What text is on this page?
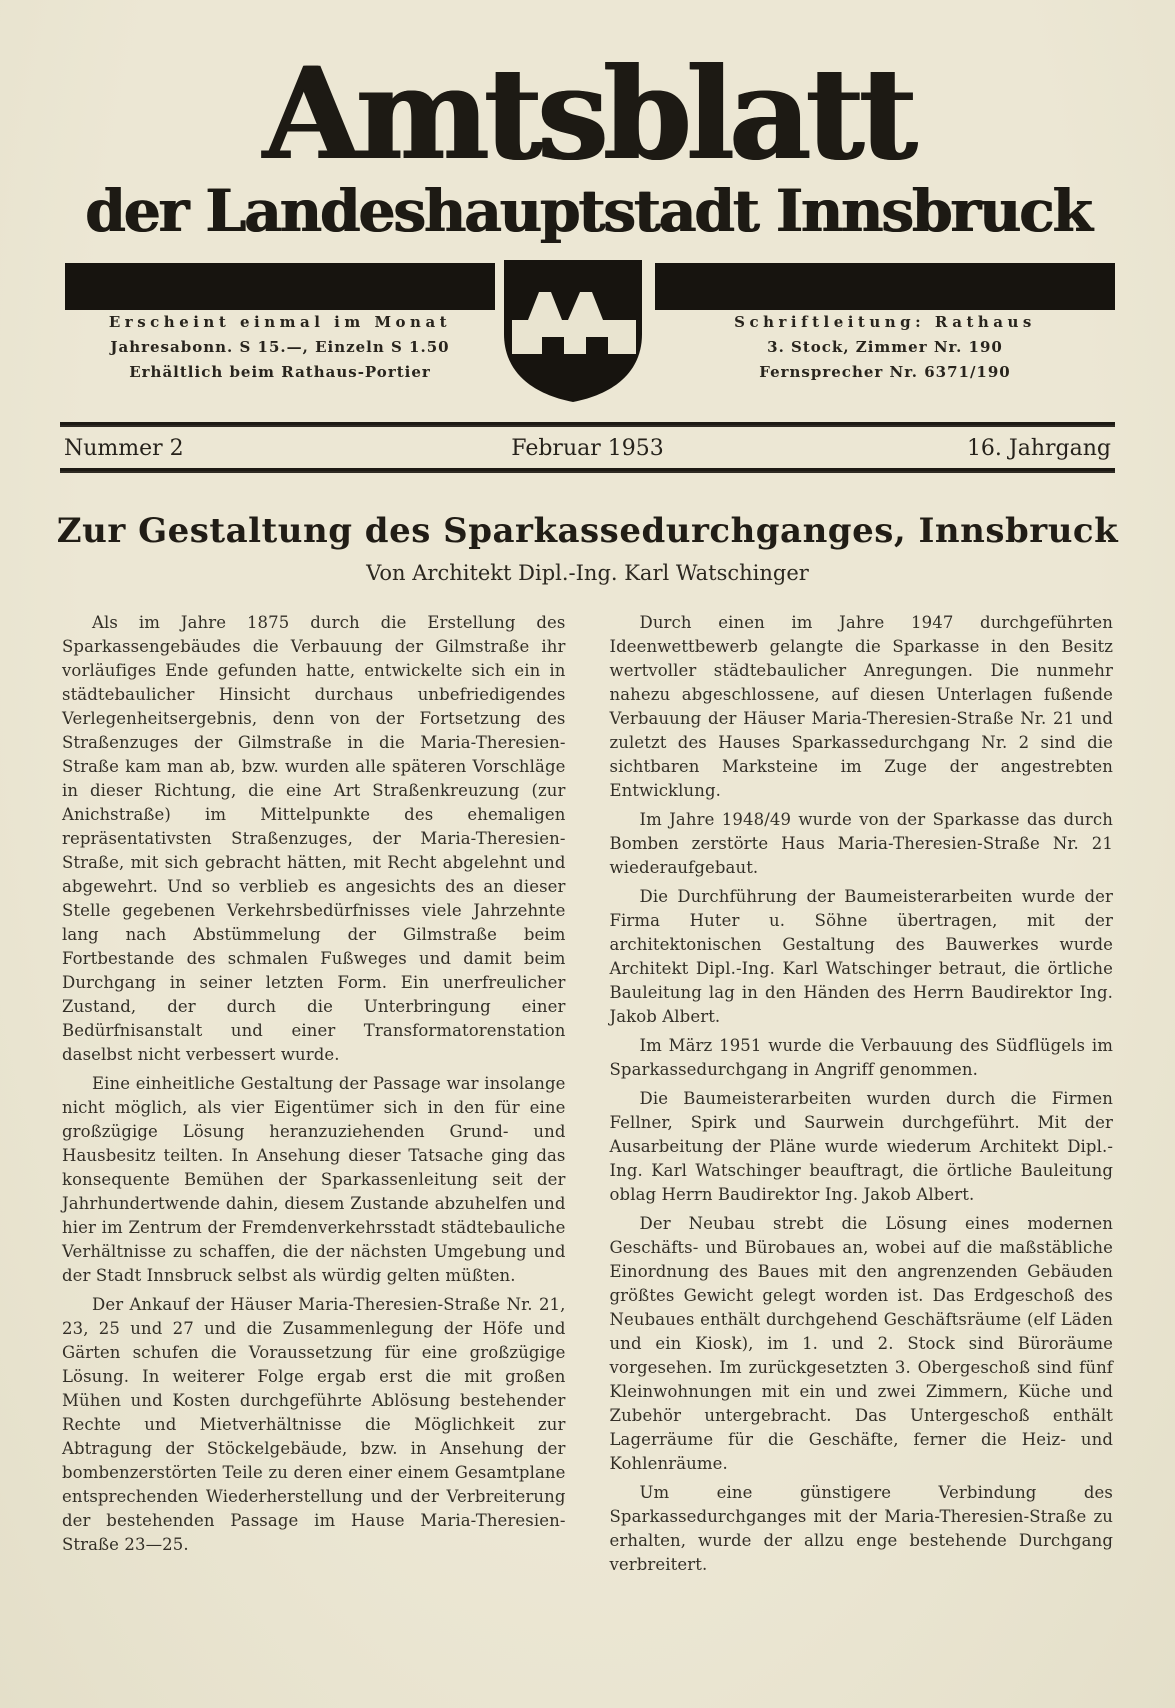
Amtsblatt
der Landeshauptstadt Innsbruck
Erscheint einmal im Monat
Jahresabonn. S 15.—, Einzeln S 1.50
Erhältlich beim Rathaus-Portier
Schriftleitung: Rathaus
3. Stock, Zimmer Nr. 190
Fernsprecher Nr. 6371/190
Nummer 2	Februar 1953	16. Jahrgang
Zur Gestaltung des Sparkassedurchganges, Innsbruck
Von Architekt Dipl.-Ing. Karl Watschinger

Als im Jahre 1875 durch die Erstellung des Sparkassengebäudes die Verbauung der Gilmstraße ihr vorläufiges Ende gefunden hatte, entwickelte sich ein in städtebaulicher Hinsicht durchaus unbefriedigendes Verlegenheitsergebnis, denn von der Fortsetzung des Straßenzuges der Gilmstraße in die Maria-Theresien-Straße kam man ab, bzw. wurden alle späteren Vorschläge in dieser Richtung, die eine Art Straßenkreuzung (zur Anichstraße) im Mittelpunkte des ehemaligen repräsentativsten Straßenzuges, der Maria-Theresien-Straße, mit sich gebracht hätten, mit Recht abgelehnt und abgewehrt. Und so verblieb es angesichts des an dieser Stelle gegebenen Verkehrsbedürfnisses viele Jahrzehnte lang nach Abstümmelung der Gilmstraße beim Fortbestande des schmalen Fußweges und damit beim Durchgang in seiner letzten Form. Ein unerfreulicher Zustand, der durch die Unterbringung einer Bedürfnisanstalt und einer Transformatorenstation daselbst nicht verbessert wurde.

Eine einheitliche Gestaltung der Passage war insolange nicht möglich, als vier Eigentümer sich in den für eine großzügige Lösung heranzuziehenden Grund- und Hausbesitz teilten. In Ansehung dieser Tatsache ging das konsequente Bemühen der Sparkassenleitung seit der Jahrhundertwende dahin, diesem Zustande abzuhelfen und hier im Zentrum der Fremdenverkehrsstadt städtebauliche Verhältnisse zu schaffen, die der nächsten Umgebung und der Stadt Innsbruck selbst als würdig gelten müßten.

Der Ankauf der Häuser Maria-Theresien-Straße Nr. 21, 23, 25 und 27 und die Zusammenlegung der Höfe und Gärten schufen die Voraussetzung für eine großzügige Lösung. In weiterer Folge ergab erst die mit großen Mühen und Kosten durchgeführte Ablösung bestehender Rechte und Mietverhältnisse die Möglichkeit zur Abtragung der Stöckelgebäude, bzw. in Ansehung der bombenzerstörten Teile zu deren einer einem Gesamtplane entsprechenden Wiederherstellung und der Verbreiterung der bestehenden Passage im Hause Maria-Theresien-Straße 23—25.

Durch einen im Jahre 1947 durchgeführten Ideenwettbewerb gelangte die Sparkasse in den Besitz wertvoller städtebaulicher Anregungen. Die nunmehr nahezu abgeschlossene, auf diesen Unterlagen fußende Verbauung der Häuser Maria-Theresien-Straße Nr. 21 und zuletzt des Hauses Sparkassedurchgang Nr. 2 sind die sichtbaren Marksteine im Zuge der angestrebten Entwicklung.

Im Jahre 1948/49 wurde von der Sparkasse das durch Bomben zerstörte Haus Maria-Theresien-Straße Nr. 21 wiederaufgebaut.

Die Durchführung der Baumeisterarbeiten wurde der Firma Huter u. Söhne übertragen, mit der architektonischen Gestaltung des Bauwerkes wurde Architekt Dipl.-Ing. Karl Watschinger betraut, die örtliche Bauleitung lag in den Händen des Herrn Baudirektor Ing. Jakob Albert.

Im März 1951 wurde die Verbauung des Südflügels im Sparkassedurchgang in Angriff genommen.

Die Baumeisterarbeiten wurden durch die Firmen Fellner, Spirk und Saurwein durchgeführt. Mit der Ausarbeitung der Pläne wurde wiederum Architekt Dipl.-Ing. Karl Watschinger beauftragt, die örtliche Bauleitung oblag Herrn Baudirektor Ing. Jakob Albert.

Der Neubau strebt die Lösung eines modernen Geschäfts- und Bürobaues an, wobei auf die maßstäbliche Einordnung des Baues mit den angrenzenden Gebäuden größtes Gewicht gelegt worden ist. Das Erdgeschoß des Neubaues enthält durchgehend Geschäftsräume (elf Läden und ein Kiosk), im 1. und 2. Stock sind Büroräume vorgesehen. Im zurückgesetzten 3. Obergeschoß sind fünf Kleinwohnungen mit ein und zwei Zimmern, Küche und Zubehör untergebracht. Das Untergeschoß enthält Lagerräume für die Geschäfte, ferner die Heiz- und Kohlenräume.

Um eine günstigere Verbindung des Sparkassedurchganges mit der Maria-Theresien-Straße zu erhalten, wurde der allzu enge bestehende Durchgang verbreitert.
